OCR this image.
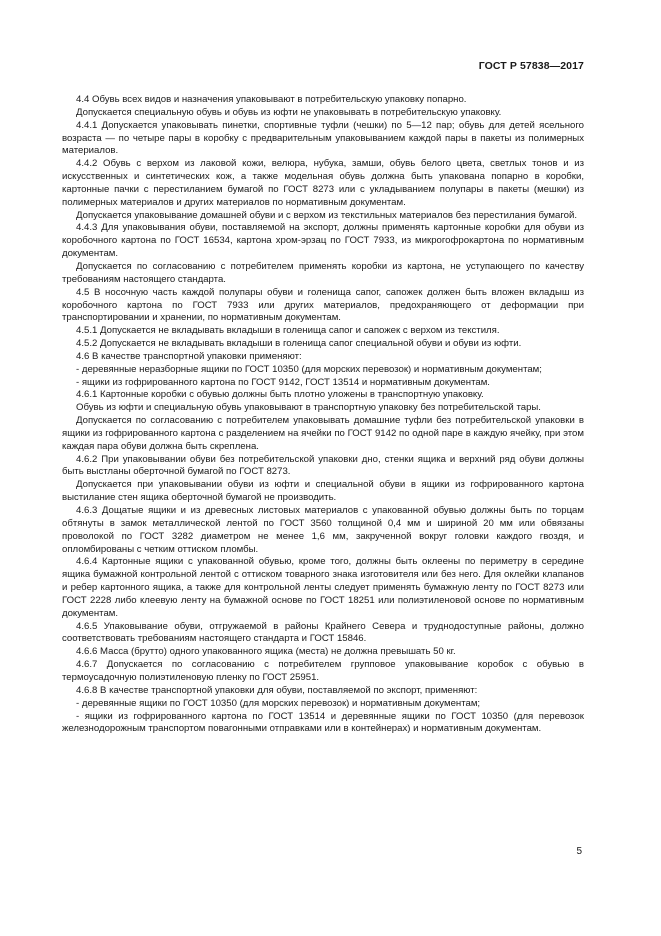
ГОСТ Р 57838—2017

4.4 Обувь всех видов и назначения упаковывают в потребительскую упаковку попарно.

Допускается специальную обувь и обувь из юфти не упаковывать в потребительскую упаковку.

4.4.1 Допускается упаковывать пинетки, спортивные туфли (чешки) по 5—12 пар; обувь для детей ясельного возраста — по четыре пары в коробку с предварительным упаковыванием каждой пары в пакеты из полимерных материалов.

4.4.2 Обувь с верхом из лаковой кожи, велюра, нубука, замши, обувь белого цвета, светлых тонов и из искусственных и синтетических кож, а также модельная обувь должна быть упакована попарно в коробки, картонные пачки с перестиланием бумагой по ГОСТ 8273 или с укладыванием полупары в пакеты (мешки) из полимерных материалов и других материалов по нормативным документам.

Допускается упаковывание домашней обуви и с верхом из текстильных материалов без перестилания бумагой.

4.4.3 Для упаковывания обуви, поставляемой на экспорт, должны применять картонные коробки для обуви из коробочного картона по ГОСТ 16534, картона хром-эрзац по ГОСТ 7933, из микрогофрокартона по нормативным документам.

Допускается по согласованию с потребителем применять коробки из картона, не уступающего по качеству требованиям настоящего стандарта.

4.5 В носочную часть каждой полупары обуви и голенища сапог, сапожек должен быть вложен вкладыш из коробочного картона по ГОСТ 7933 или других материалов, предохраняющего от деформации при транспортировании и хранении, по нормативным документам.

4.5.1 Допускается не вкладывать вкладыши в голенища сапог и сапожек с верхом из текстиля.

4.5.2 Допускается не вкладывать вкладыши в голенища сапог специальной обуви и обуви из юфти.

4.6 В качестве транспортной упаковки применяют:

- деревянные неразборные ящики по ГОСТ 10350 (для морских перевозок) и нормативным документам;

- ящики из гофрированного картона по ГОСТ 9142, ГОСТ 13514 и нормативным документам.

4.6.1 Картонные коробки с обувью должны быть плотно уложены в транспортную упаковку.

Обувь из юфти и специальную обувь упаковывают в транспортную упаковку без потребительской тары.

Допускается по согласованию с потребителем упаковывать домашние туфли без потребительской упаковки в ящики из гофрированного картона с разделением на ячейки по ГОСТ 9142 по одной паре в каждую ячейку, при этом каждая пара обуви должна быть скреплена.

4.6.2 При упаковывании обуви без потребительской упаковки дно, стенки ящика и верхний ряд обуви должны быть выстланы оберточной бумагой по ГОСТ 8273.

Допускается при упаковывании обуви из юфти и специальной обуви в ящики из гофрированного картона выстилание стен ящика оберточной бумагой не производить.

4.6.3 Дощатые ящики и из древесных листовых материалов с упакованной обувью должны быть по торцам обтянуты в замок металлической лентой по ГОСТ 3560 толщиной 0,4 мм и шириной 20 мм или обвязаны проволокой по ГОСТ 3282 диаметром не менее 1,6 мм, закрученной вокруг головки каждого гвоздя, и опломбированы с четким оттиском пломбы.

4.6.4 Картонные ящики с упакованной обувью, кроме того, должны быть оклеены по периметру в середине ящика бумажной контрольной лентой с оттиском товарного знака изготовителя или без него. Для оклейки клапанов и ребер картонного ящика, а также для контрольной ленты следует применять бумажную ленту по ГОСТ 8273 или ГОСТ 2228 либо клеевую ленту на бумажной основе по ГОСТ 18251 или полиэтиленовой основе по нормативным документам.

4.6.5 Упаковывание обуви, отгружаемой в районы Крайнего Севера и труднодоступные районы, должно соответствовать требованиям настоящего стандарта и ГОСТ 15846.

4.6.6 Масса (брутто) одного упакованного ящика (места) не должна превышать 50 кг.

4.6.7 Допускается по согласованию с потребителем групповое упаковывание коробок с обувью в термоусадочную полиэтиленовую пленку по ГОСТ 25951.

4.6.8 В качестве транспортной упаковки для обуви, поставляемой по экспорт, применяют:

- деревянные ящики по ГОСТ 10350 (для морских перевозок) и нормативным документам;

- ящики из гофрированного картона по ГОСТ 13514 и деревянные ящики по ГОСТ 10350 (для перевозок железнодорожным транспортом повагонными отправками или в контейнерах) и нормативным документам.

5
